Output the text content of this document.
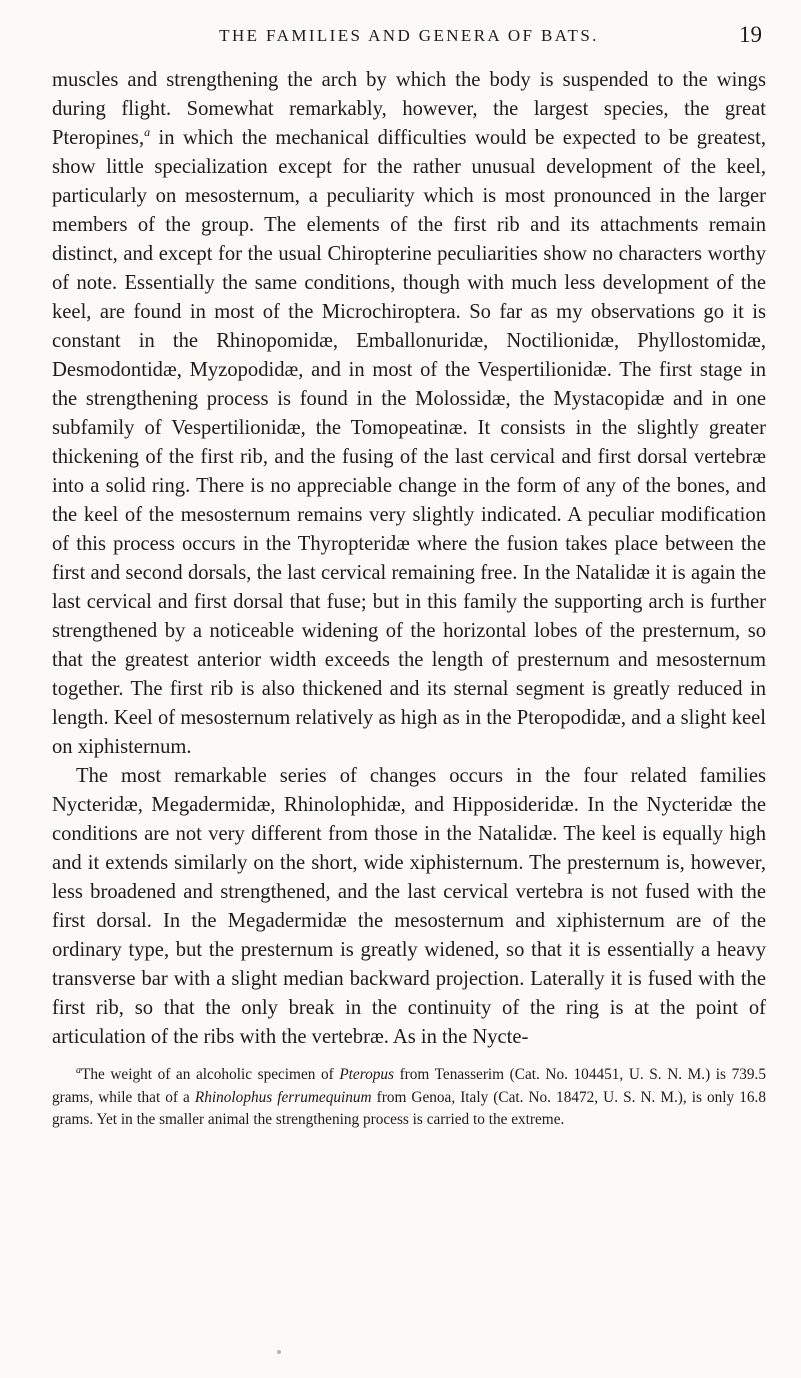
THE FAMILIES AND GENERA OF BATS.	19

muscles and strengthening the arch by which the body is suspended to the wings during flight. Somewhat remarkably, however, the largest species, the great Pteropines,$^a$ in which the mechanical difficulties would be expected to be greatest, show little specialization except for the rather unusual development of the keel, particularly on mesosternum, a peculiarity which is most pronounced in the larger members of the group. The elements of the first rib and its attachments remain distinct, and except for the usual Chiropterine peculiarities show no characters worthy of note. Essentially the same conditions, though with much less development of the keel, are found in most of the Microchiroptera. So far as my observations go it is constant in the Rhinopomidæ, Emballonuridæ, Noctilionidæ, Phyllostomidæ, Desmodontidæ, Myzopodidæ, and in most of the Vespertilionidæ. The first stage in the strengthening process is found in the Molossidæ, the Mystacopidæ and in one subfamily of Vespertilionidæ, the Tomopeatinæ. It consists in the slightly greater thickening of the first rib, and the fusing of the last cervical and first dorsal vertebræ into a solid ring. There is no appreciable change in the form of any of the bones, and the keel of the mesosternum remains very slightly indicated. A peculiar modification of this process occurs in the Thyropteridæ where the fusion takes place between the first and second dorsals, the last cervical remaining free. In the Natalidæ it is again the last cervical and first dorsal that fuse; but in this family the supporting arch is further strengthened by a noticeable widening of the horizontal lobes of the presternum, so that the greatest anterior width exceeds the length of presternum and mesosternum together. The first rib is also thickened and its sternal segment is greatly reduced in length. Keel of mesosternum relatively as high as in the Pteropodidæ, and a slight keel on xiphisternum.

The most remarkable series of changes occurs in the four related families Nycteridæ, Megadermidæ, Rhinolophidæ, and Hipposideridæ. In the Nycteridæ the conditions are not very different from those in the Natalidæ. The keel is equally high and it extends similarly on the short, wide xiphisternum. The presternum is, however, less broadened and strengthened, and the last cervical vertebra is not fused with the first dorsal. In the Megadermidæ the mesosternum and xiphisternum are of the ordinary type, but the presternum is greatly widened, so that it is essentially a heavy transverse bar with a slight median backward projection. Laterally it is fused with the first rib, so that the only break in the continuity of the ring is at the point of articulation of the ribs with the vertebræ. As in the Nycte-

$^a$The weight of an alcoholic specimen of Pteropus from Tenasserim (Cat. No. 104451, U. S. N. M.) is 739.5 grams, while that of a Rhinolophus ferrumequinum from Genoa, Italy (Cat. No. 18472, U. S. N. M.), is only 16.8 grams. Yet in the smaller animal the strengthening process is carried to the extreme.
